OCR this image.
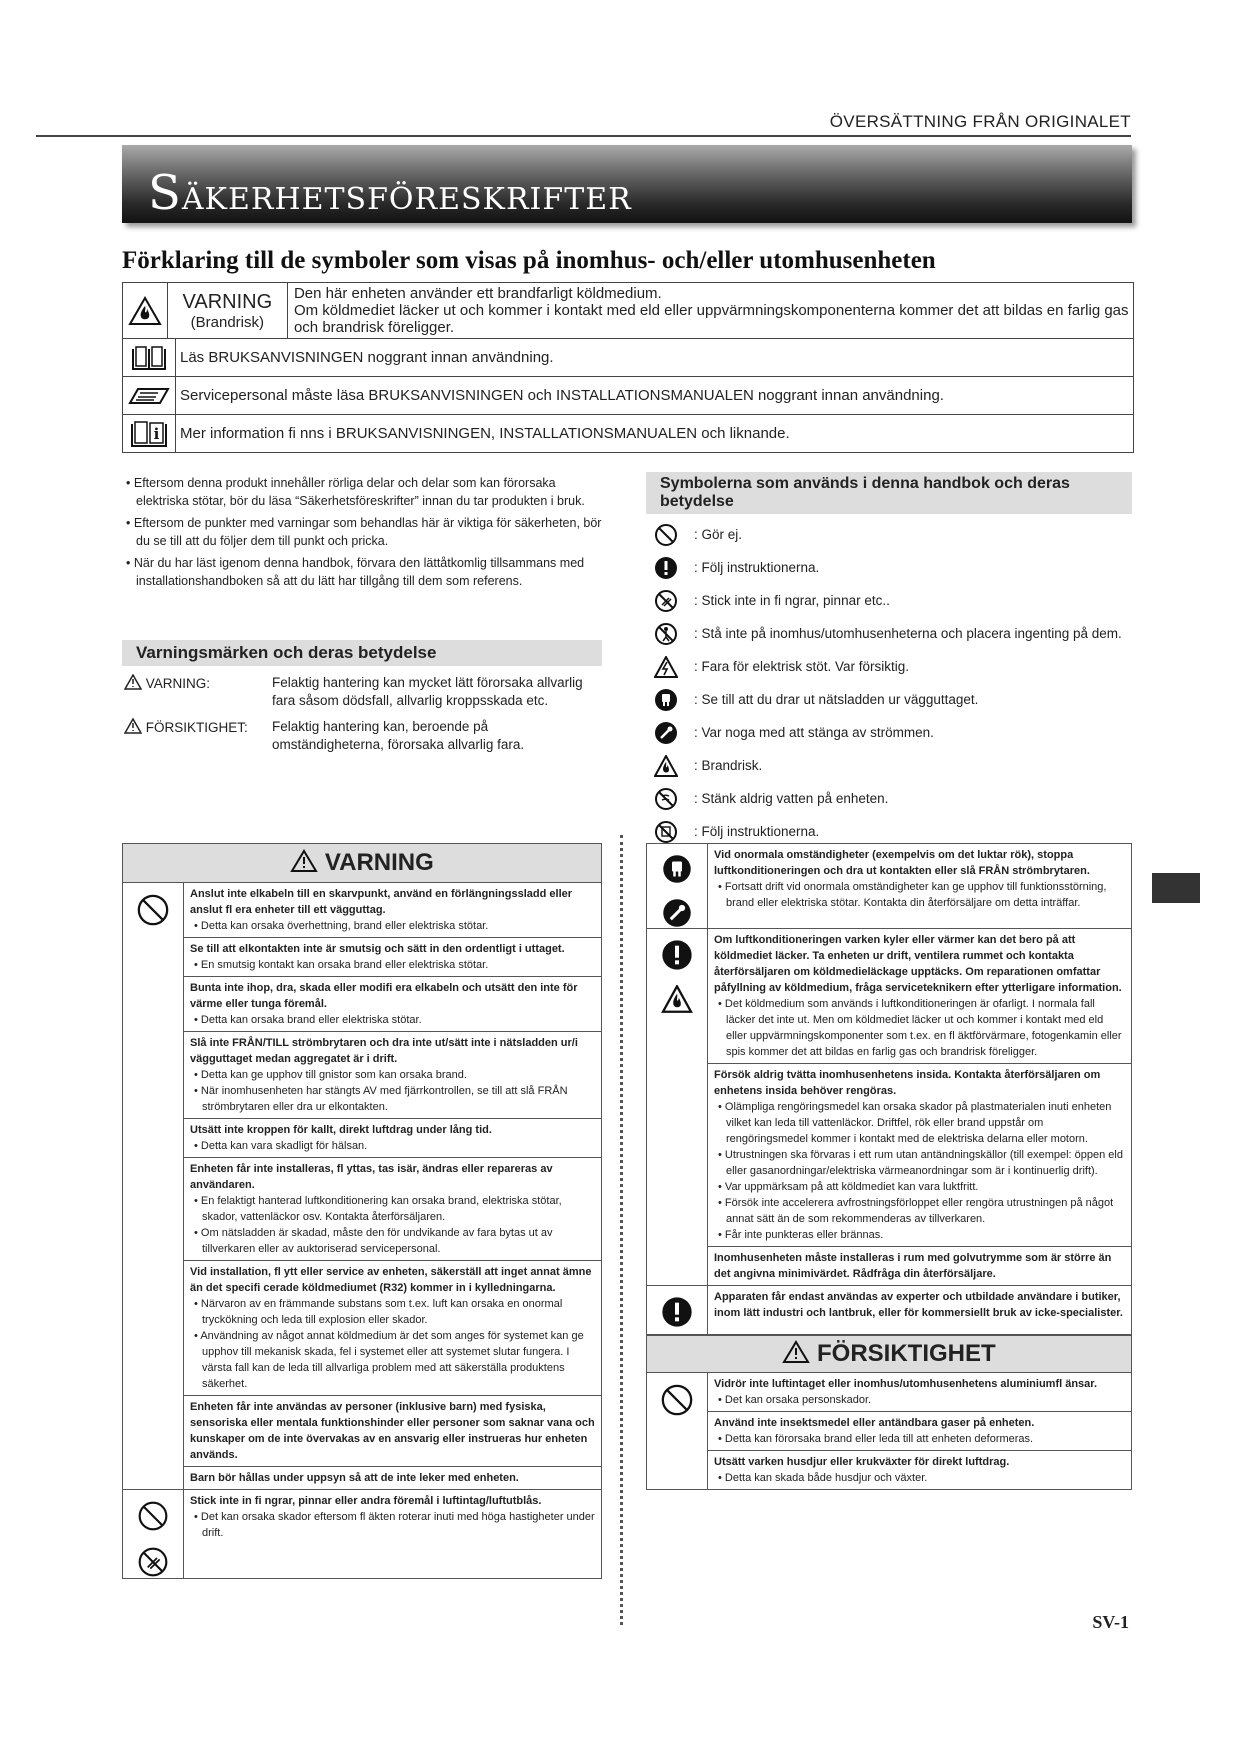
ÖVERSÄTTNING FRÅN ORIGINALET
SÄKERHETSFÖRESKRIFTER
Förklaring till de symboler som visas på inomhus- och/eller utomhusenheten
VARNING
(Brandrisk)
Den här enheten använder ett brandfarligt köldmedium.
Om köldmediet läcker ut och kommer i kontakt med eld eller uppvärmningskomponenterna kommer det att bildas en farlig gas och brandrisk föreligger.
Läs BRUKSANVISNINGEN noggrant innan användning.
Servicepersonal måste läsa BRUKSANVISNINGEN och INSTALLATIONSMANUALEN noggrant innan användning.
i Mer information fi nns i BRUKSANVISNINGEN, INSTALLATIONSMANUALEN och liknande.
• Eftersom denna produkt innehåller rörliga delar och delar som kan förorsaka elektriska stötar, bör du läsa “Säkerhetsföreskrifter” innan du tar produkten i bruk.
• Eftersom de punkter med varningar som behandlas här är viktiga för säkerheten, bör du se till att du följer dem till punkt och pricka.
• När du har läst igenom denna handbok, förvara den lättåtkomlig tillsammans med installationshandboken så att du lätt har tillgång till dem som referens.
Varningsmärken och deras betydelse
VARNING:	Felaktig hantering kan mycket lätt förorsaka allvarlig fara såsom dödsfall, allvarlig kroppsskada etc.
FÖRSIKTIGHET:	Felaktig hantering kan, beroende på omständigheterna, förorsaka allvarlig fara.
Symbolerna som används i denna handbok och deras betydelse
: Gör ej.
: Följ instruktionerna.
: Stick inte in fi ngrar, pinnar etc..
: Stå inte på inomhus/utomhusenheterna och placera ingenting på dem.
: Fara för elektrisk stöt. Var försiktig.
: Se till att du drar ut nätsladden ur vägguttaget.
: Var noga med att stänga av strömmen.
: Brandrisk.
: Stänk aldrig vatten på enheten.
: Följ instruktionerna.
VARNING
Anslut inte elkabeln till en skarvpunkt, använd en förlängningssladd eller anslut fl era enheter till ett vägguttag.
• Detta kan orsaka överhettning, brand eller elektriska stötar.
Se till att elkontakten inte är smutsig och sätt in den ordentligt i uttaget.
• En smutsig kontakt kan orsaka brand eller elektriska stötar.
Bunta inte ihop, dra, skada eller modifi era elkabeln och utsätt den inte för värme eller tunga föremål.
• Detta kan orsaka brand eller elektriska stötar.
Slå inte FRÅN/TILL strömbrytaren och dra inte ut/sätt inte i nätsladden ur/i vägguttaget medan aggregatet är i drift.
• Detta kan ge upphov till gnistor som kan orsaka brand.
• När inomhusenheten har stängts AV med fjärrkontrollen, se till att slå FRÅN strömbrytaren eller dra ur elkontakten.
Utsätt inte kroppen för kallt, direkt luftdrag under lång tid.
• Detta kan vara skadligt för hälsan.
Enheten får inte installeras, fl yttas, tas isär, ändras eller repareras av användaren.
• En felaktigt hanterad luftkonditionering kan orsaka brand, elektriska stötar, skador, vattenläckor osv. Kontakta återförsäljaren.
• Om nätsladden är skadad, måste den för undvikande av fara bytas ut av tillverkaren eller av auktoriserad servicepersonal.
Vid installation, fl ytt eller service av enheten, säkerställ att inget annat ämne än det specifi cerade köldmediumet (R32) kommer in i kylledningarna.
• Närvaron av en främmande substans som t.ex. luft kan orsaka en onormal tryckökning och leda till explosion eller skador.
• Användning av något annat köldmedium är det som anges för systemet kan ge upphov till mekanisk skada, fel i systemet eller att systemet slutar fungera. I värsta fall kan de leda till allvarliga problem med att säkerställa produktens säkerhet.
Enheten får inte användas av personer (inklusive barn) med fysiska, sensoriska eller mentala funktionshinder eller personer som saknar vana och kunskaper om de inte övervakas av en ansvarig eller instrueras hur enheten används.
Barn bör hållas under uppsyn så att de inte leker med enheten.
Stick inte in fi ngrar, pinnar eller andra föremål i luftintag/luftutblås.
• Det kan orsaka skador eftersom fl äkten roterar inuti med höga hastigheter under drift.
Vid onormala omständigheter (exempelvis om det luktar rök), stoppa luftkonditioneringen och dra ut kontakten eller slå FRÅN strömbrytaren.
• Fortsatt drift vid onormala omständigheter kan ge upphov till funktionsstörning, brand eller elektriska stötar. Kontakta din återförsäljare om detta inträffar.
Om luftkonditioneringen varken kyler eller värmer kan det bero på att köldmediet läcker. Ta enheten ur drift, ventilera rummet och kontakta återförsäljaren om köldmedieläckage upptäcks. Om reparationen omfattar påfyllning av köldmedium, fråga serviceteknikern efter ytterligare information.
• Det köldmedium som används i luftkonditioneringen är ofarligt. I normala fall läcker det inte ut. Men om köldmediet läcker ut och kommer i kontakt med eld eller uppvärmningskomponenter som t.ex. en fl äktförvärmare, fotogenkamin eller spis kommer det att bildas en farlig gas och brandrisk föreligger.
Försök aldrig tvätta inomhusenhetens insida. Kontakta återförsäljaren om enhetens insida behöver rengöras.
• Olämpliga rengöringsmedel kan orsaka skador på plastmaterialen inuti enheten vilket kan leda till vattenläckor. Driftfel, rök eller brand uppstår om rengöringsmedel kommer i kontakt med de elektriska delarna eller motorn.
• Utrustningen ska förvaras i ett rum utan antändningskällor (till exempel: öppen eld eller gasanordningar/elektriska värmeanordningar som är i kontinuerlig drift).
• Var uppmärksam på att köldmediet kan vara luktfritt.
• Försök inte accelerera avfrostningsförloppet eller rengöra utrustningen på något annat sätt än de som rekommenderas av tillverkaren.
• Får inte punkteras eller brännas.
Inomhusenheten måste installeras i rum med golvutrymme som är större än det angivna minimivärdet. Rådfråga din återförsäljare.
Apparaten får endast användas av experter och utbildade användare i butiker, inom lätt industri och lantbruk, eller för kommersiellt bruk av icke-specialister.
FÖRSIKTIGHET
Vidrör inte luftintaget eller inomhus/utomhusenhetens aluminiumfl änsar.
• Det kan orsaka personskador.
Använd inte insektsmedel eller antändbara gaser på enheten.
• Detta kan förorsaka brand eller leda till att enheten deformeras.
Utsätt varken husdjur eller krukväxter för direkt luftdrag.
• Detta kan skada både husdjur och växter.
SV-1
